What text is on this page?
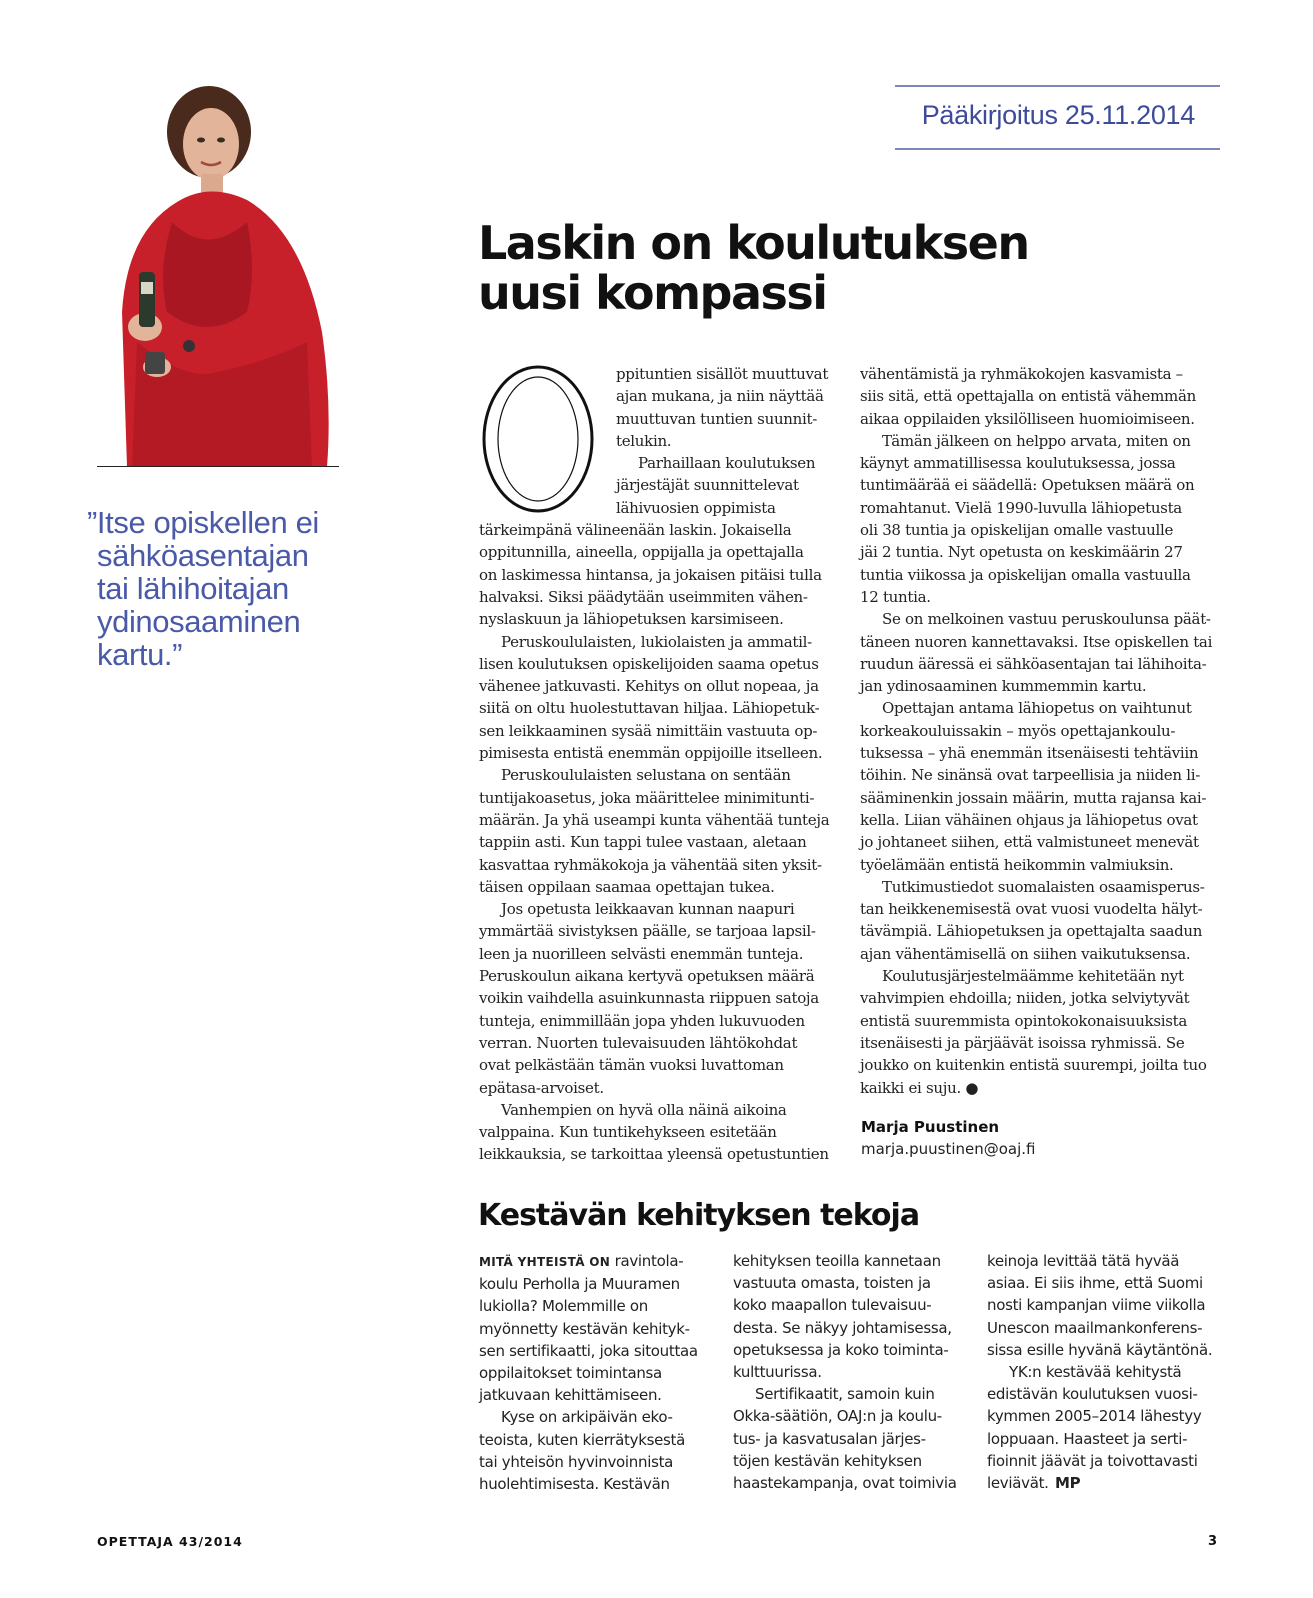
Pääkirjoitus 25.11.2014
”Itse opiskellen ei
sähköasentajan
tai lähihoitajan
ydinosaaminen
kartu.”
Laskin on koulutuksen
uusi kompassi
ppituntien sisällöt muuttuvat
ajan mukana, ja niin näyttää
muuttuvan tuntien suunnit-
telukin.
Parhaillaan koulutuksen
järjestäjät suunnittelevat
lähivuosien oppimista
tärkeimpänä välineenään laskin. Jokaisella
oppitunnilla, aineella, oppijalla ja opettajalla
on laskimessa hintansa, ja jokaisen pitäisi tulla
halvaksi. Siksi päädytään useimmiten vähen-
nyslaskuun ja lähiopetuksen karsimiseen.
Peruskoululaisten, lukiolaisten ja ammatil-
lisen koulutuksen opiskelijoiden saama opetus
vähenee jatkuvasti. Kehitys on ollut nopeaa, ja
siitä on oltu huolestuttavan hiljaa. Lähiopetuk-
sen leikkaaminen sysää nimittäin vastuuta op-
pimisesta entistä enemmän oppijoille itselleen.
Peruskoululaisten selustana on sentään
tuntijakoasetus, joka määrittelee minimitunti-
määrän. Ja yhä useampi kunta vähentää tunteja
tappiin asti. Kun tappi tulee vastaan, aletaan
kasvattaa ryhmäkokoja ja vähentää siten yksit-
täisen oppilaan saamaa opettajan tukea.
Jos opetusta leikkaavan kunnan naapuri
ymmärtää sivistyksen päälle, se tarjoaa lapsil-
leen ja nuorilleen selvästi enemmän tunteja.
Peruskoulun aikana kertyvä opetuksen määrä
voikin vaihdella asuinkunnasta riippuen satoja
tunteja, enimmillään jopa yhden lukuvuoden
verran. Nuorten tulevaisuuden lähtökohdat
ovat pelkästään tämän vuoksi luvattoman
epätasa-arvoiset.
Vanhempien on hyvä olla näinä aikoina
valppaina. Kun tuntikehykseen esitetään
leikkauksia, se tarkoittaa yleensä opetustuntien
vähentämistä ja ryhmäkokojen kasvamista –
siis sitä, että opettajalla on entistä vähemmän
aikaa oppilaiden yksilölliseen huomioimiseen.
Tämän jälkeen on helppo arvata, miten on
käynyt ammatillisessa koulutuksessa, jossa
tuntimäärää ei säädellä: Opetuksen määrä on
romahtanut. Vielä 1990-luvulla lähiopetusta
oli 38 tuntia ja opiskelijan omalle vastuulle
jäi 2 tuntia. Nyt opetusta on keskimäärin 27
tuntia viikossa ja opiskelijan omalla vastuulla
12 tuntia.
Se on melkoinen vastuu peruskoulunsa päät-
täneen nuoren kannettavaksi. Itse opiskellen tai
ruudun ääressä ei sähköasentajan tai lähihoita-
jan ydinosaaminen kummemmin kartu.
Opettajan antama lähiopetus on vaihtunut
korkeakouluissakin – myös opettajankoulu-
tuksessa – yhä enemmän itsenäisesti tehtäviin
töihin. Ne sinänsä ovat tarpeellisia ja niiden li-
sääminenkin jossain määrin, mutta rajansa kai-
kella. Liian vähäinen ohjaus ja lähiopetus ovat
jo johtaneet siihen, että valmistuneet menevät
työelämään entistä heikommin valmiuksin.
Tutkimustiedot suomalaisten osaamisperus-
tan heikkenemisestä ovat vuosi vuodelta hälyt-
tävämpiä. Lähiopetuksen ja opettajalta saadun
ajan vähentämisellä on siihen vaikutuksensa.
Koulutusjärjestelmäämme kehitetään nyt
vahvimpien ehdoilla; niiden, jotka selviytyvät
entistä suuremmista opintokokonaisuuksista
itsenäisesti ja pärjäävät isoissa ryhmissä. Se
joukko on kuitenkin entistä suurempi, joilta tuo
kaikki ei suju. ●
Marja Puustinen
marja.puustinen@oaj.fi
Kestävän kehityksen tekoja
MITÄ YHTEISTÄ ON ravintola-
koulu Perholla ja Muuramen
lukiolla? Molemmille on
myönnetty kestävän kehityk-
sen sertifikaatti, joka sitouttaa
oppilaitokset toimintansa
jatkuvaan kehittämiseen.
Kyse on arkipäivän eko-
teoista, kuten kierrätyksestä
tai yhteisön hyvinvoinnista
huolehtimisesta. Kestävän
kehityksen teoilla kannetaan
vastuuta omasta, toisten ja
koko maapallon tulevaisuu-
desta. Se näkyy johtamisessa,
opetuksessa ja koko toiminta-
kulttuurissa.
Sertifikaatit, samoin kuin
Okka-säätiön, OAJ:n ja koulu-
tus- ja kasvatusalan järjes-
töjen kestävän kehityksen
haastekampanja, ovat toimivia
keinoja levittää tätä hyvää
asiaa. Ei siis ihme, että Suomi
nosti kampanjan viime viikolla
Unescon maailmankonferens-
sissa esille hyvänä käytäntönä.
YK:n kestävää kehitystä
edistävän koulutuksen vuosi-
kymmen 2005–2014 lähestyy
loppuaan. Haasteet ja serti-
fioinnit jäävät ja toivottavasti
leviävät. MP
OPETTAJA 43/2014	3
